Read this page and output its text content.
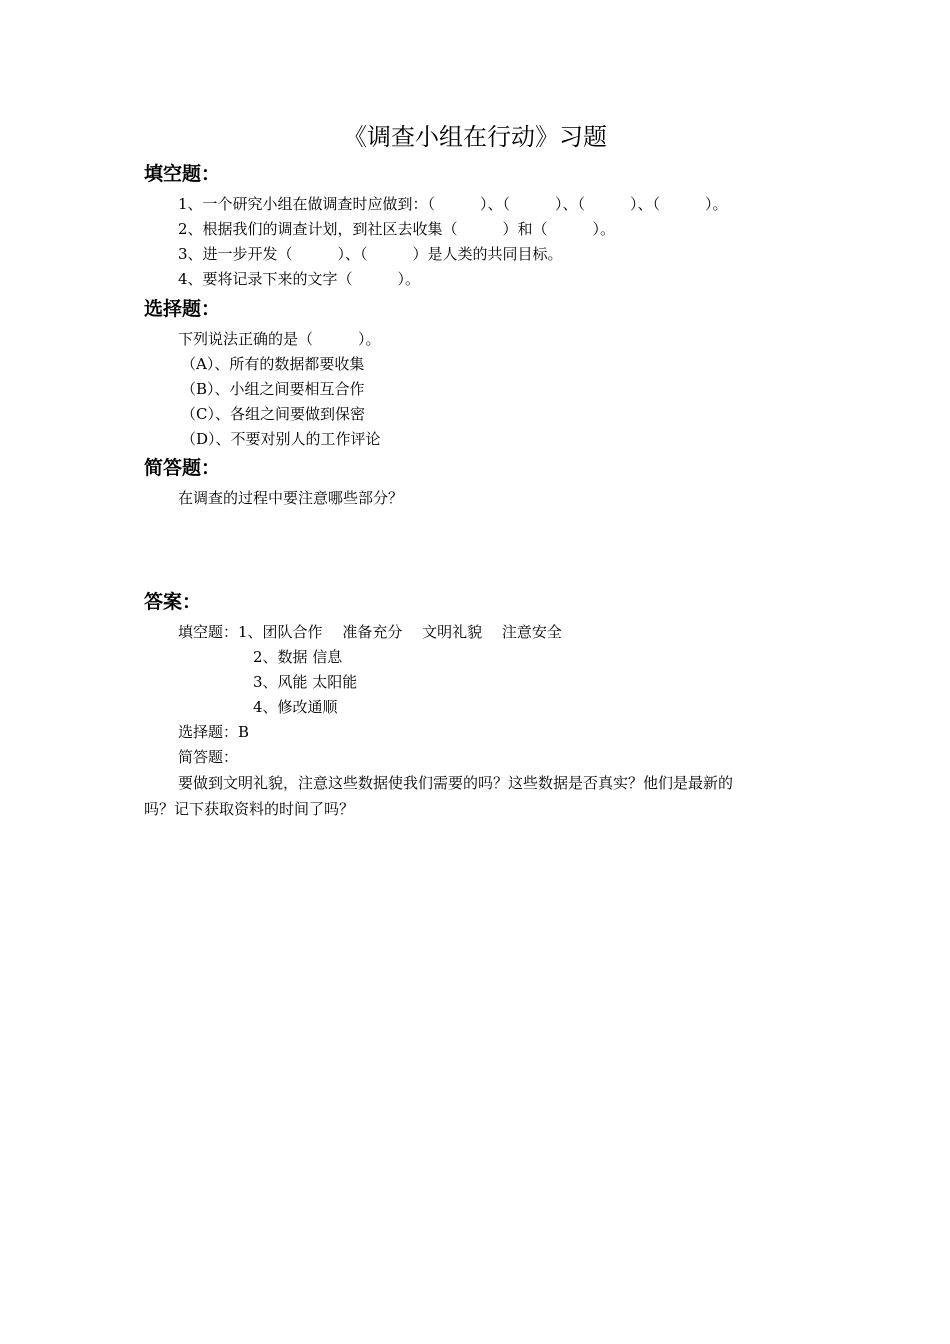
《调查小组在行动》习题
填空题：
1、一个研究小组在做调查时应做到：（　　　）、（　　　）、（　　　）、（　　　）。
2、根据我们的调查计划，到社区去收集（　　　）和（　　　）。
3、进一步开发（　　　）、（　　　）是人类的共同目标。
4、要将记录下来的文字（　　　）。
选择题：
下列说法正确的是（　　　）。
（A）、所有的数据都要收集
（B）、小组之间要相互合作
（C）、各组之间要做到保密
（D）、不要对别人的工作评论
简答题：
在调查的过程中要注意哪些部分？
答案：
填空题：1、团队合作　 准备充分　 文明礼貌　 注意安全
2、数据 信息
3、风能 太阳能
4、修改通顺
选择题：B
简答题：
要做到文明礼貌，注意这些数据使我们需要的吗？这些数据是否真实？他们是最新的
吗？记下获取资料的时间了吗？
